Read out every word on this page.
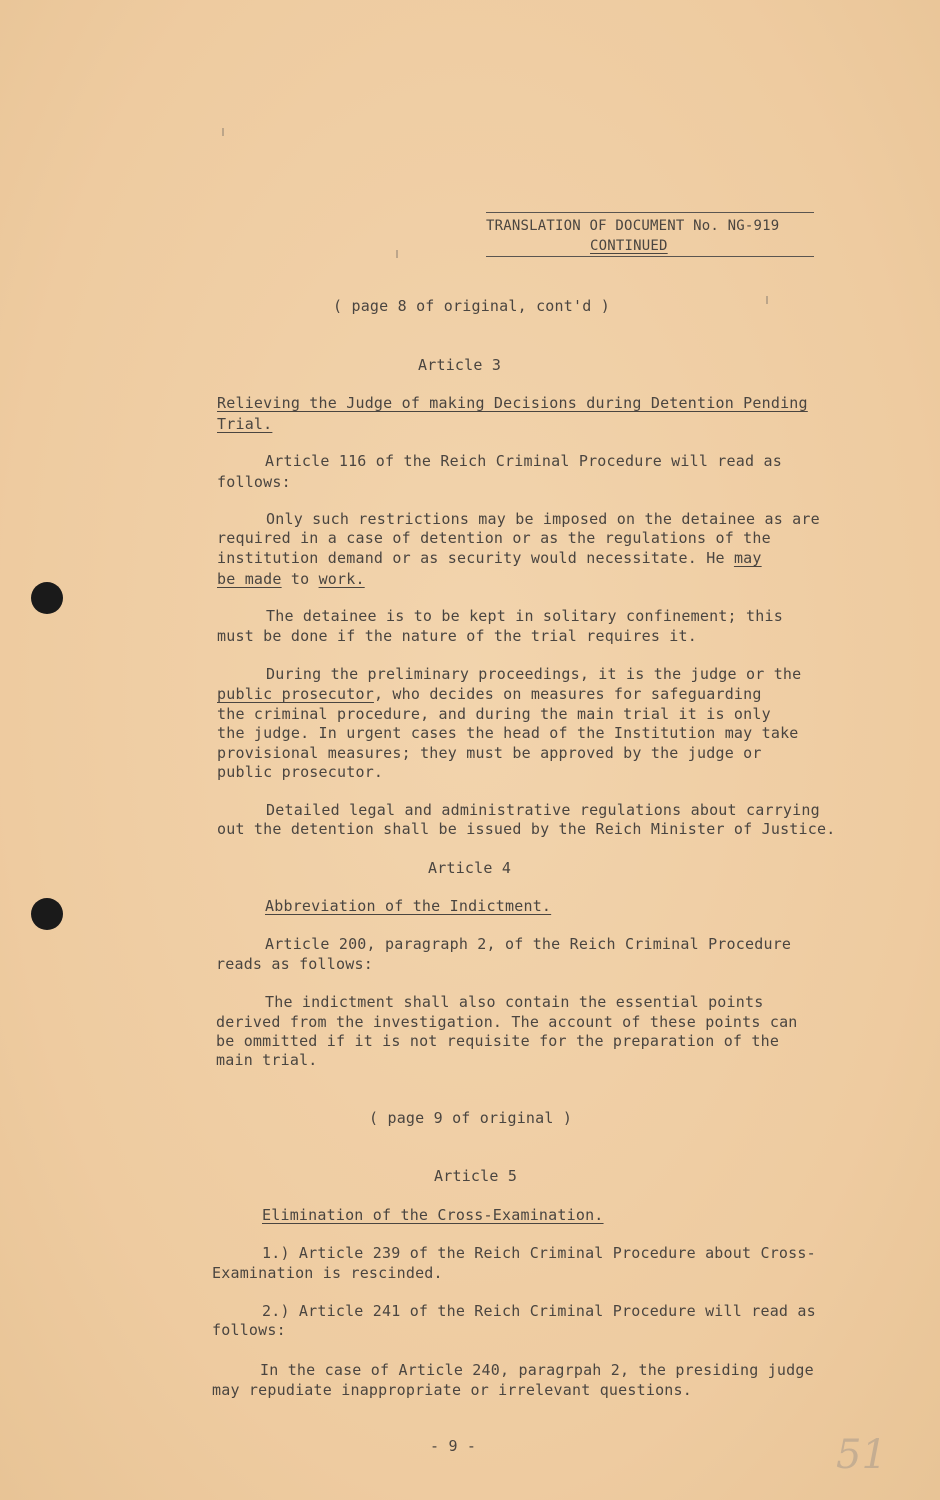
TRANSLATION OF DOCUMENT No. NG-919
CONTINUED
( page 8 of original, cont'd )
Article 3
Relieving the Judge of making Decisions during Detention Pending
Trial.
Article 116 of the Reich Criminal Procedure will read as
follows:
Only such restrictions may be imposed on the detainee as are
required in a case of detention or as the regulations of the
institution demand or as security would necessitate. He may
be made to work.
The detainee is to be kept in solitary confinement; this
must be done if the nature of the trial requires it.
During the preliminary proceedings, it is the judge or the
public prosecutor, who decides on measures for safeguarding
the criminal procedure, and during the main trial it is only
the judge. In urgent cases the head of the Institution may take
provisional measures; they must be approved by the judge or
public prosecutor.
Detailed legal and administrative regulations about carrying
out the detention shall be issued by the Reich Minister of Justice.
Article 4
Abbreviation of the Indictment.
Article 200, paragraph 2, of the Reich Criminal Procedure
reads as follows:
The indictment shall also contain the essential points
derived from the investigation. The account of these points can
be ommitted if it is not requisite for the preparation of the
main trial.
( page 9 of original )
Article 5
Elimination of the Cross-Examination.
1.) Article 239 of the Reich Criminal Procedure about Cross-
Examination is rescinded.
2.) Article 241 of the Reich Criminal Procedure will read as
follows:
In the case of Article 240, paragrpah 2, the presiding judge
may repudiate inappropriate or irrelevant questions.
- 9 -	51
